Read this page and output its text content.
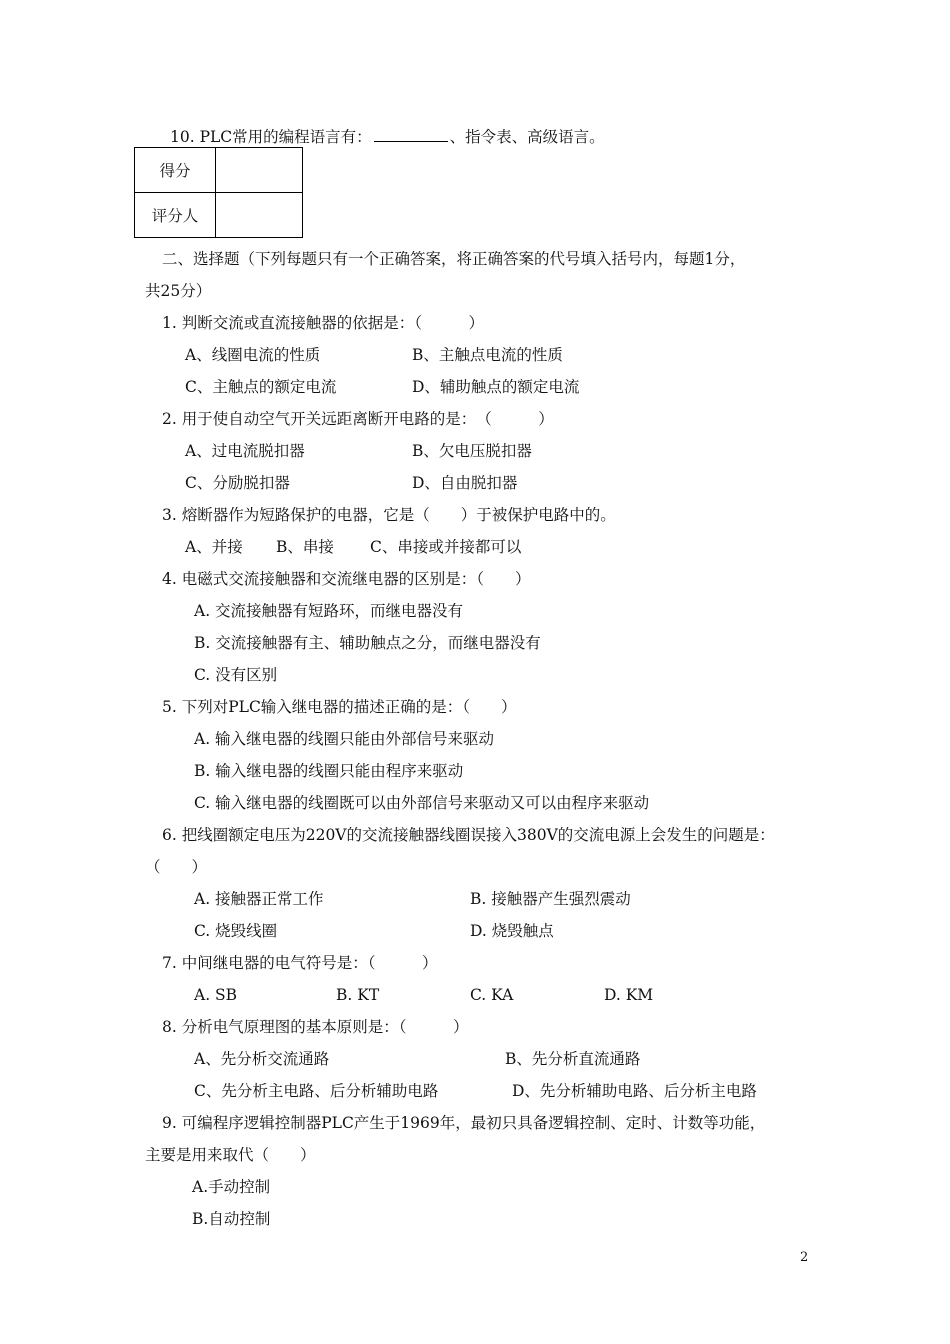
10. PLC常用的编程语言有：	、指令表、高级语言。
得分	
评分人	
二、选择题（下列每题只有一个正确答案，将正确答案的代号填入括号内，每题1分，
共25分）
1. 判断交流或直流接触器的依据是：（　　　）
A、线圈电流的性质	B、主触点电流的性质
C、主触点的额定电流	D、辅助触点的额定电流
2. 用于使自动空气开关远距离断开电路的是：　（　　　）
A、过电流脱扣器	B、欠电压脱扣器
C、分励脱扣器	D、自由脱扣器
3. 熔断器作为短路保护的电器，它是（　　）于被保护电路中的。
A、并接 B、串接 C、串接或并接都可以
4. 电磁式交流接触器和交流继电器的区别是：（　　）
A. 交流接触器有短路环，而继电器没有
B. 交流接触器有主、辅助触点之分，而继电器没有
C. 没有区别
5. 下列对PLC输入继电器的描述正确的是：（　　）
A. 输入继电器的线圈只能由外部信号来驱动
B. 输入继电器的线圈只能由程序来驱动
C. 输入继电器的线圈既可以由外部信号来驱动又可以由程序来驱动
6. 把线圈额定电压为220V的交流接触器线圈误接入380V的交流电源上会发生的问题是：
（　　）
A. 接触器正常工作	B. 接触器产生强烈震动
C. 烧毁线圈	D. 烧毁触点
7. 中间继电器的电气符号是：（　　　）
A. SB	B. KT	C. KA	D. KM
8. 分析电气原理图的基本原则是：（　　　）
A、先分析交流通路	B、先分析直流通路
C、先分析主电路、后分析辅助电路	D、先分析辅助电路、后分析主电路
9. 可编程序逻辑控制器PLC产生于1969年，最初只具备逻辑控制、定时、计数等功能，
主要是用来取代（　　）
A.手动控制
B.自动控制
2
